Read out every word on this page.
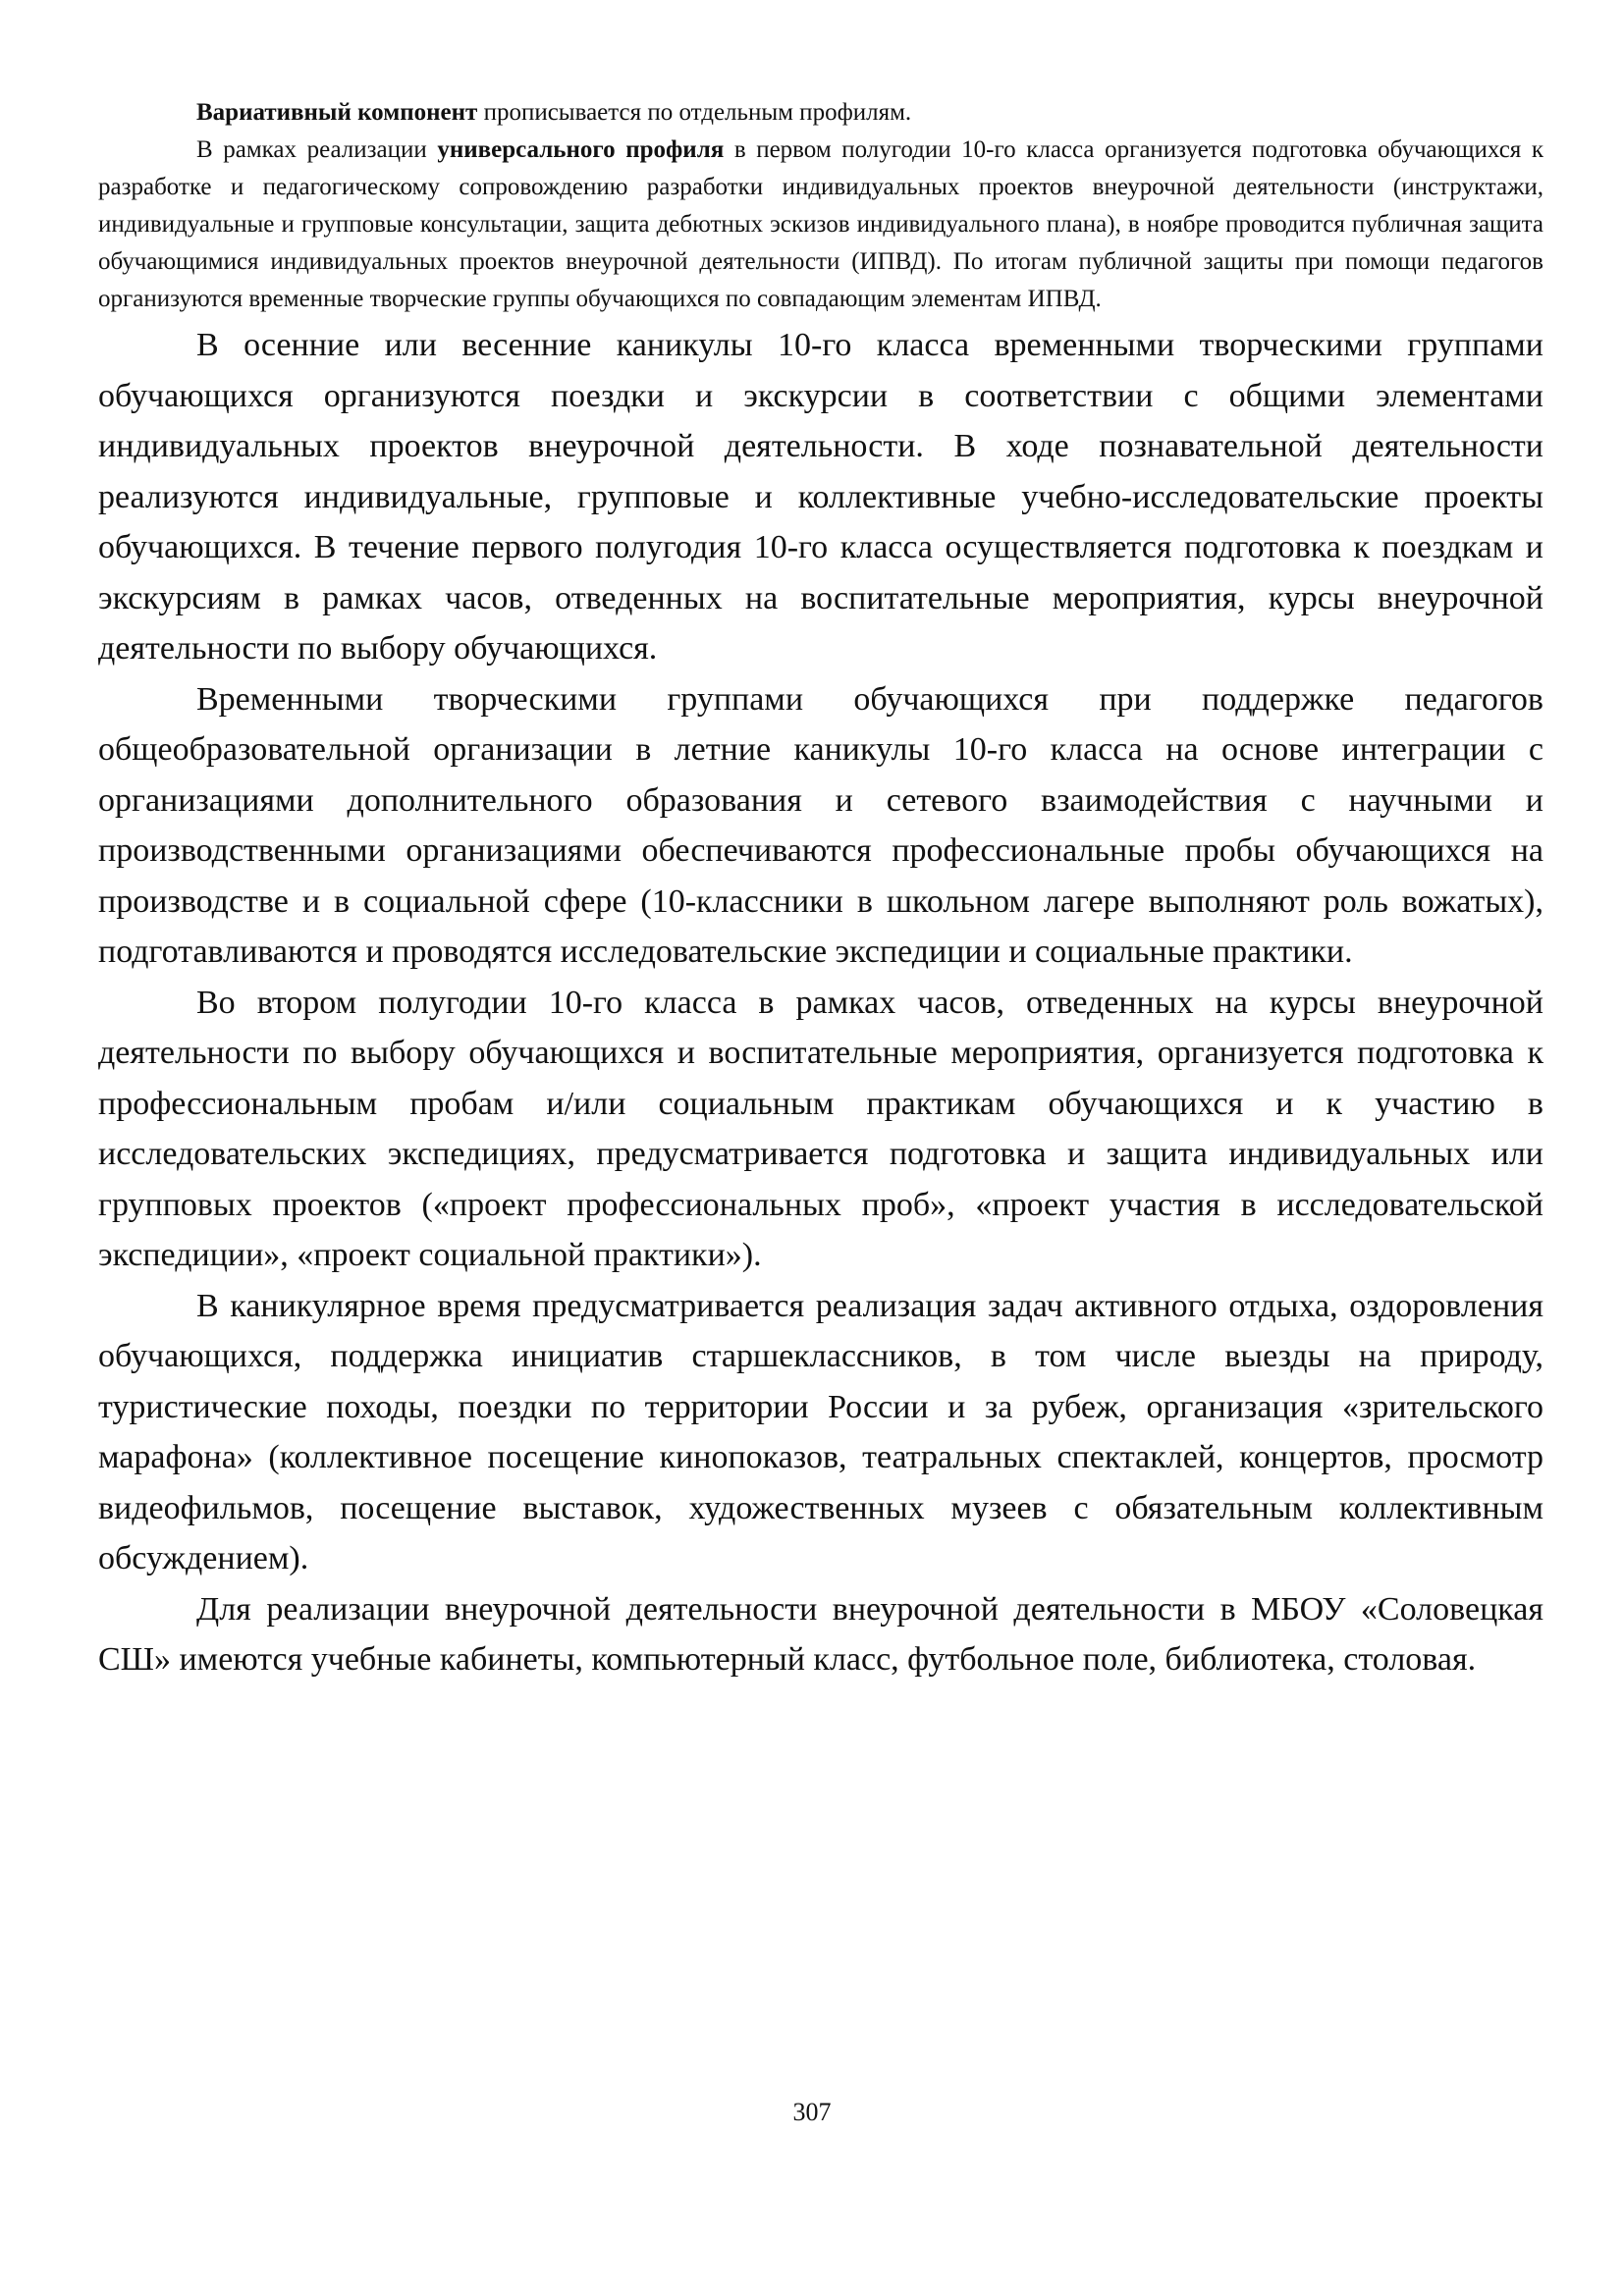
Вариативный компонент прописывается по отдельным профилям.

В рамках реализации универсального профиля в первом полугодии 10-го класса организуется подготовка обучающихся к разработке и педагогическому сопровождению разработки индивидуальных проектов внеурочной деятельности (инструктажи, индивидуальные и групповые консультации, защита дебютных эскизов индивидуального плана), в ноябре проводится публичная защита обучающимися индивидуальных проектов внеурочной деятельности (ИПВД). По итогам публичной защиты при помощи педагогов организуются временные творческие группы обучающихся по совпадающим элементам ИПВД.

В осенние или весенние каникулы 10-го класса временными творческими группами обучающихся организуются поездки и экскурсии в соответствии с общими элементами индивидуальных проектов внеурочной деятельности. В ходе познавательной деятельности реализуются индивидуальные, групповые и коллективные учебно-исследовательские проекты обучающихся. В течение первого полугодия 10-го класса осуществляется подготовка к поездкам и экскурсиям в рамках часов, отведенных на воспитательные мероприятия, курсы внеурочной деятельности по выбору обучающихся.

Временными творческими группами обучающихся при поддержке педагогов общеобразовательной организации в летние каникулы 10-го класса на основе интеграции с организациями дополнительного образования и сетевого взаимодействия с научными и производственными организациями обеспечиваются профессиональные пробы обучающихся на производстве и в социальной сфере (10-классники в школьном лагере выполняют роль вожатых), подготавливаются и проводятся исследовательские экспедиции и социальные практики.

Во втором полугодии 10-го класса в рамках часов, отведенных на курсы внеурочной деятельности по выбору обучающихся и воспитательные мероприятия, организуется подготовка к профессиональным пробам и/или социальным практикам обучающихся и к участию в исследовательских экспедициях, предусматривается подготовка и защита индивидуальных или групповых проектов («проект профессиональных проб», «проект участия в исследовательской экспедиции», «проект социальной практики»).

В каникулярное время предусматривается реализация задач активного отдыха, оздоровления обучающихся, поддержка инициатив старшеклассников, в том числе выезды на природу, туристические походы, поездки по территории России и за рубеж, организация «зрительского марафона» (коллективное посещение кинопоказов, театральных спектаклей, концертов, просмотр видеофильмов, посещение выставок, художественных музеев с обязательным коллективным обсуждением).

Для реализации внеурочной деятельности внеурочной деятельности в МБОУ «Соловецкая СШ» имеются учебные кабинеты, компьютерный класс, футбольное поле, библиотека, столовая.

307
